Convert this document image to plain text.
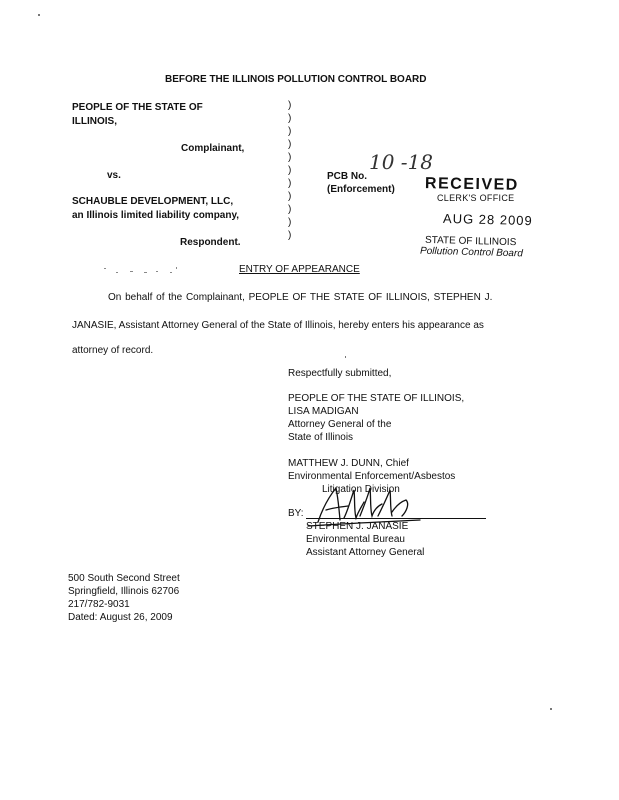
BEFORE THE ILLINOIS POLLUTION CONTROL BOARD
PEOPLE OF THE STATE OF
ILLINOIS,
Complainant,
vs.
SCHAUBLE DEVELOPMENT, LLC,
an Illinois limited liability company,
Respondent.
)
)
)
)
)
)
)
)
)
)
)
PCB No.
10 -18
(Enforcement) RECEIVED
CLERK'S OFFICE
AUG 28 2009
STATE OF ILLINOIS
Pollution Control Board
ENTRY OF APPEARANCE
On behalf of the Complainant, PEOPLE OF THE STATE OF ILLINOIS, STEPHEN J.
JANASIE, Assistant Attorney General of the State of Illinois, hereby enters his appearance as
attorney of record.
Respectfully submitted,
PEOPLE OF THE STATE OF ILLINOIS,
LISA MADIGAN
Attorney General of the
State of Illinois
MATTHEW J. DUNN, Chief
Environmental Enforcement/Asbestos
Litigation Division
BY:
STEPHEN J. JANASIE
Environmental Bureau
Assistant Attorney General
500 South Second Street
Springfield, Illinois 62706
217/782-9031
Dated: August 26, 2009
